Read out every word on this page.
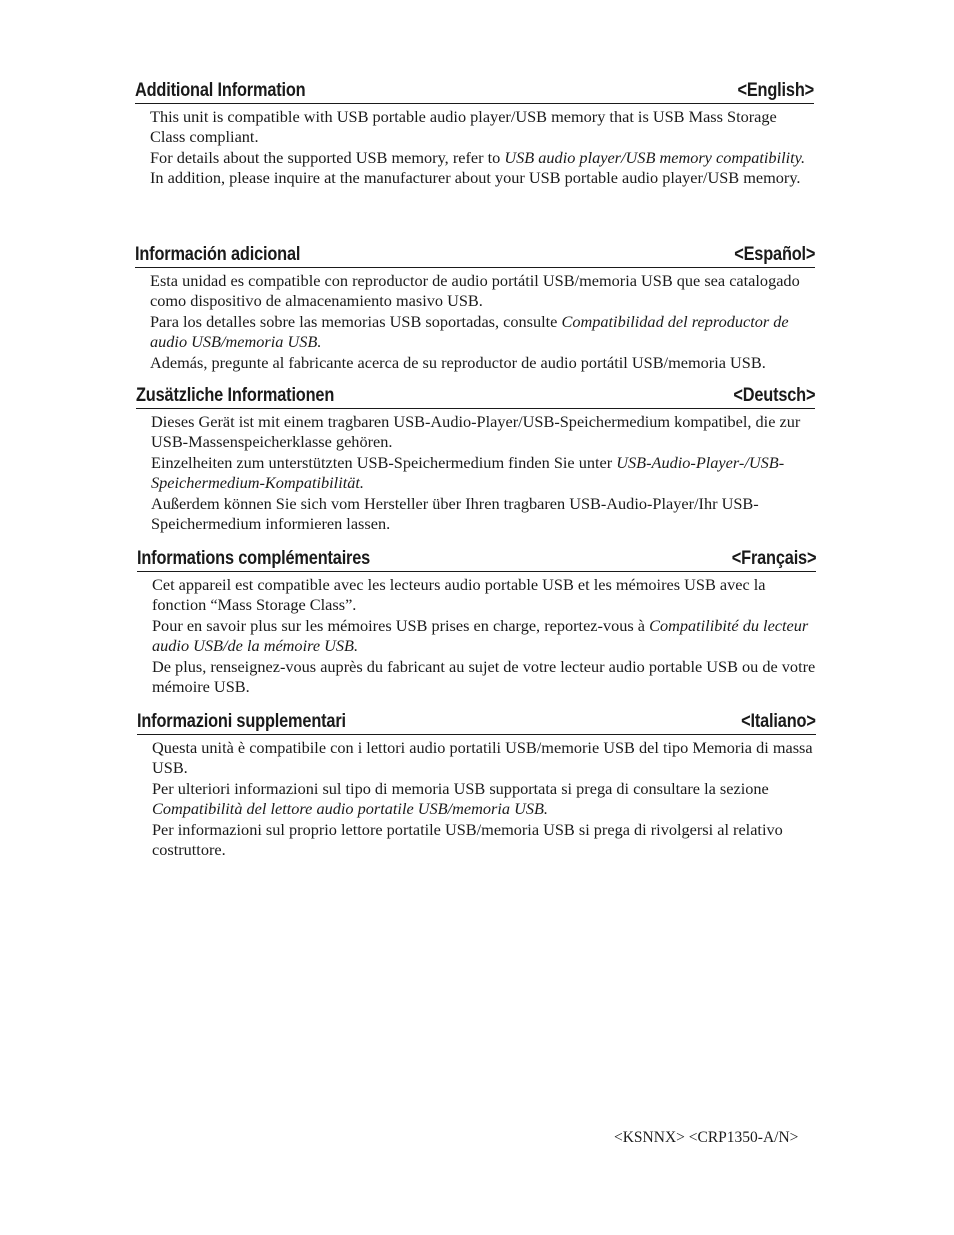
Additional Information	<English>

This unit is compatible with USB portable audio player/USB memory that is USB Mass Storage Class compliant.

For details about the supported USB memory, refer to USB audio player/USB memory compatibility.

In addition, please inquire at the manufacturer about your USB portable audio player/USB memory.

Información adicional	<Español>

Esta unidad es compatible con reproductor de audio portátil USB/memoria USB que sea catalogado como dispositivo de almacenamiento masivo USB.

Para los detalles sobre las memorias USB soportadas, consulte Compatibilidad del reproductor de audio USB/memoria USB.

Además, pregunte al fabricante acerca de su reproductor de audio portátil USB/memoria USB.

Zusätzliche Informationen	<Deutsch>

Dieses Gerät ist mit einem tragbaren USB-Audio-Player/USB-Speichermedium kompatibel, die zur USB-Massenspeicherklasse gehören.

Einzelheiten zum unterstützten USB-Speichermedium finden Sie unter USB-Audio-Player-/USB-Speichermedium-Kompatibilität.

Außerdem können Sie sich vom Hersteller über Ihren tragbaren USB-Audio-Player/Ihr USB-Speichermedium informieren lassen.

Informations complémentaires	<Français>

Cet appareil est compatible avec les lecteurs audio portable USB et les mémoires USB avec la fonction “Mass Storage Class”.

Pour en savoir plus sur les mémoires USB prises en charge, reportez-vous à Compatilibité du lecteur audio USB/de la mémoire USB.

De plus, renseignez-vous auprès du fabricant au sujet de votre lecteur audio portable USB ou de votre mémoire USB.

Informazioni supplementari	<Italiano>

Questa unità è compatibile con i lettori audio portatili USB/memorie USB del tipo Memoria di massa USB.

Per ulteriori informazioni sul tipo di memoria USB supportata si prega di consultare la sezione Compatibilità del lettore audio portatile USB/memoria USB.

Per informazioni sul proprio lettore portatile USB/memoria USB si prega di rivolgersi al relativo costruttore.

<KSNNX> <CRP1350-A/N>
